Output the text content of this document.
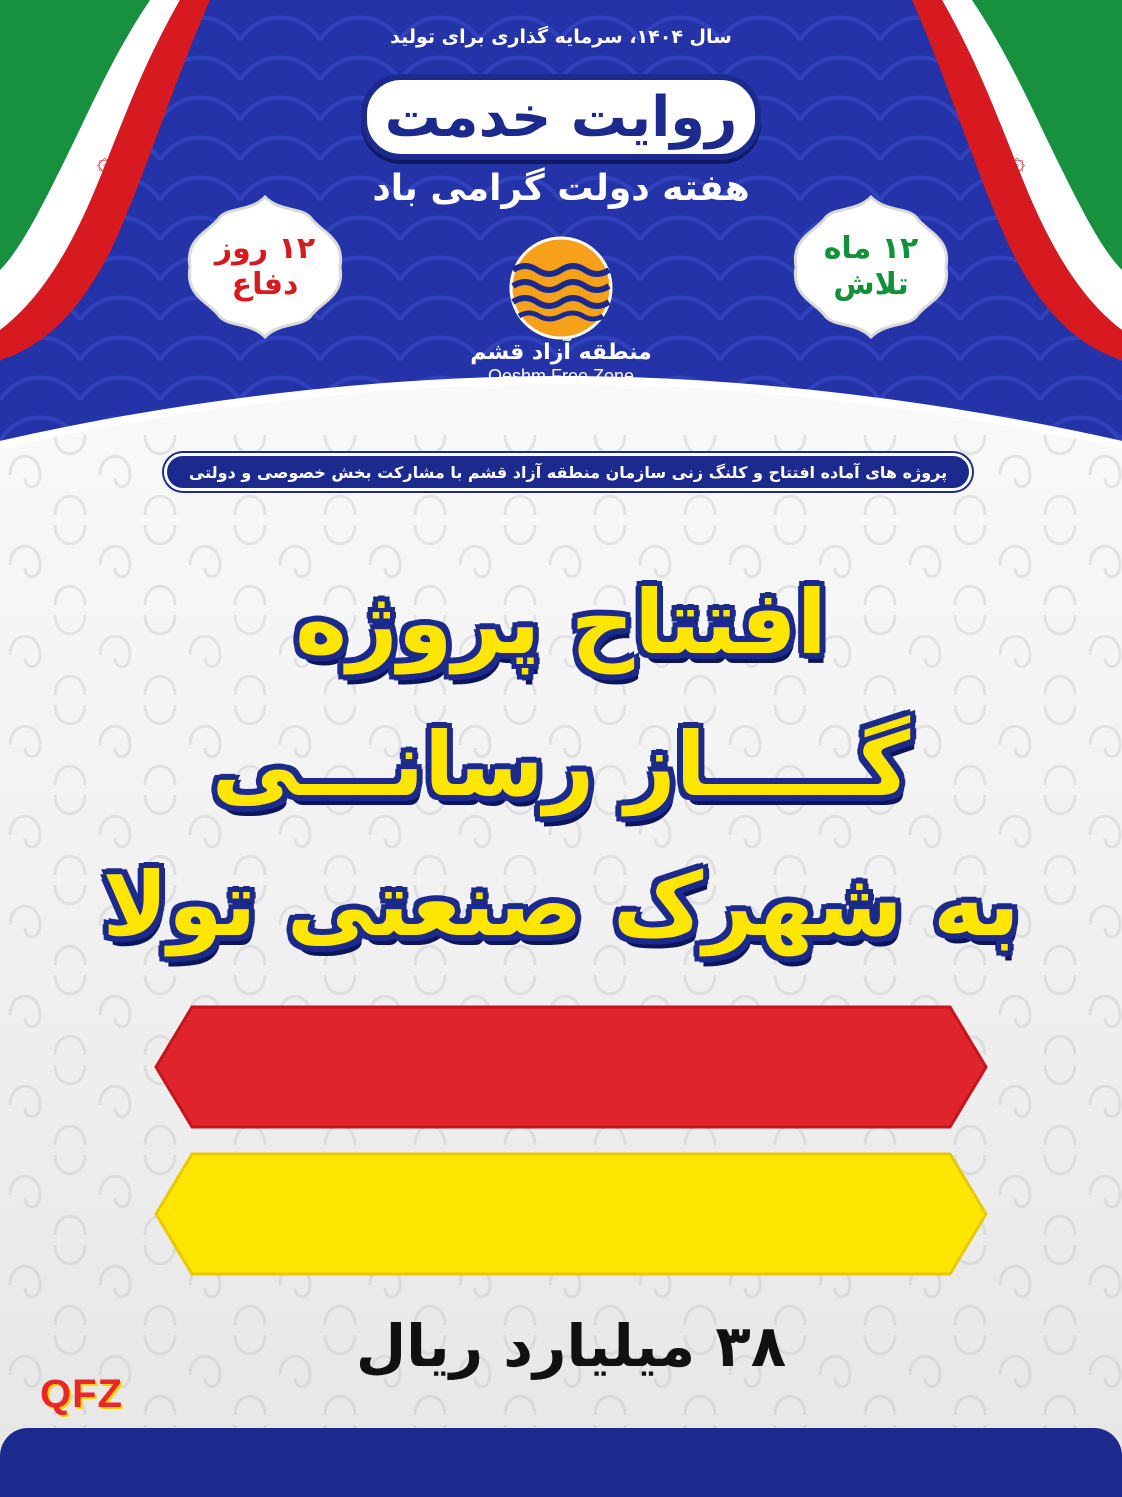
۞	۞
سال ۱۴۰۴، سرمایه گذاری برای تولید
روایت خدمت
هفته دولت گرامی باد
۱۲ روز
دفاع
۱۲ ماه
تلاش
منطقه آزاد قشم
Qeshm Free Zone
پروژه های آماده افتتاح و کلنگ زنی سازمان منطقه آزاد قشم با مشارکت بخش خصوصی و دولتی
افتتاح پروژه
گـــــاز رسانـــی
به شهرک صنعتی تولا
۳۸ میلیارد ریال
QFZ
